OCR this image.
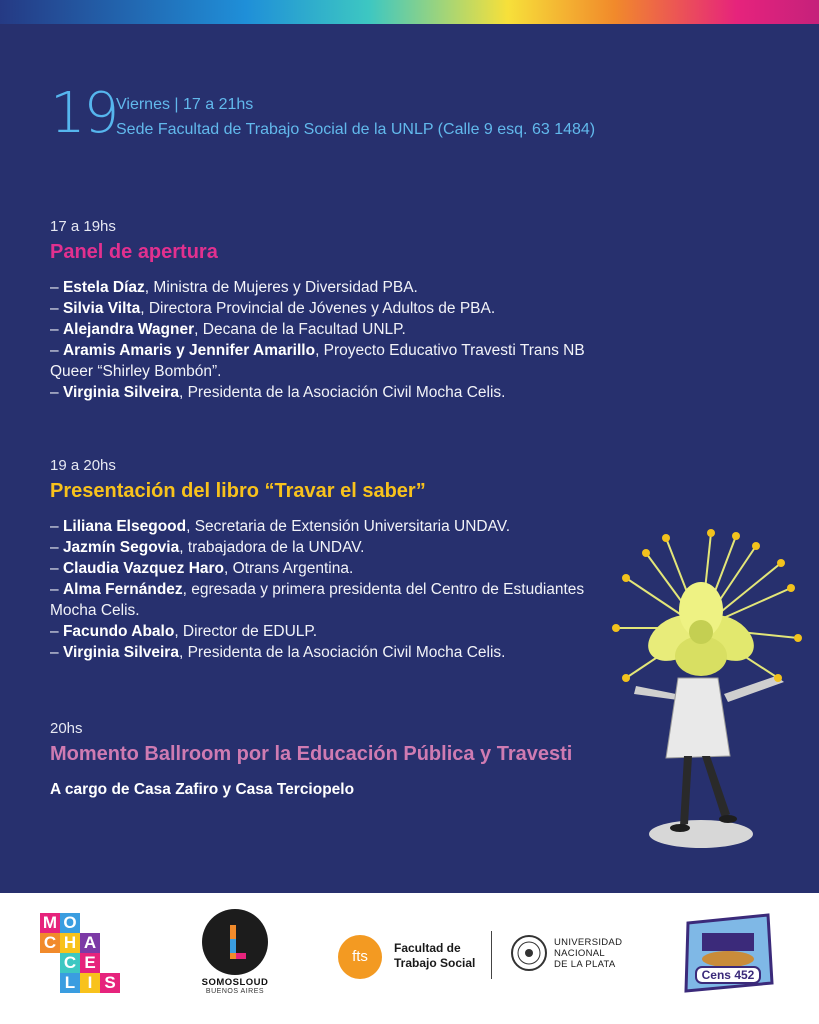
19
Viernes | 17 a 21hs
Sede Facultad de Trabajo Social de la UNLP (Calle 9 esq. 63 1484)
17 a 19hs
Panel de apertura
– Estela Díaz, Ministra de Mujeres y Diversidad PBA.
– Silvia Vilta, Directora Provincial de Jóvenes y Adultos de PBA.
– Alejandra Wagner, Decana de la Facultad UNLP.
– Aramis Amaris y Jennifer Amarillo, Proyecto Educativo Travesti Trans NB Queer “Shirley Bombón”.
– Virginia Silveira, Presidenta de la Asociación Civil Mocha Celis.
19 a 20hs
Presentación del libro “Travar el saber”
– Liliana Elsegood, Secretaria de Extensión Universitaria UNDAV.
– Jazmín Segovia, trabajadora de la UNDAV.
– Claudia Vazquez Haro, Otrans Argentina.
– Alma Fernández, egresada y primera presidenta del Centro de Estudiantes Mocha Celis.
– Facundo Abalo, Director de EDULP.
– Virginia Silveira, Presidenta de la Asociación Civil Mocha Celis.
20hs
Momento Ballroom por la Educación Pública y Travesti
A cargo de Casa Zafiro y Casa Terciopelo
M O
C H A
C E
L I S	SOMOSLOUD
BUENOS AIRES
fts	Facultad de
Trabajo Social
UNIVERSIDAD
NACIONAL
DE LA PLATA
Cens 452
